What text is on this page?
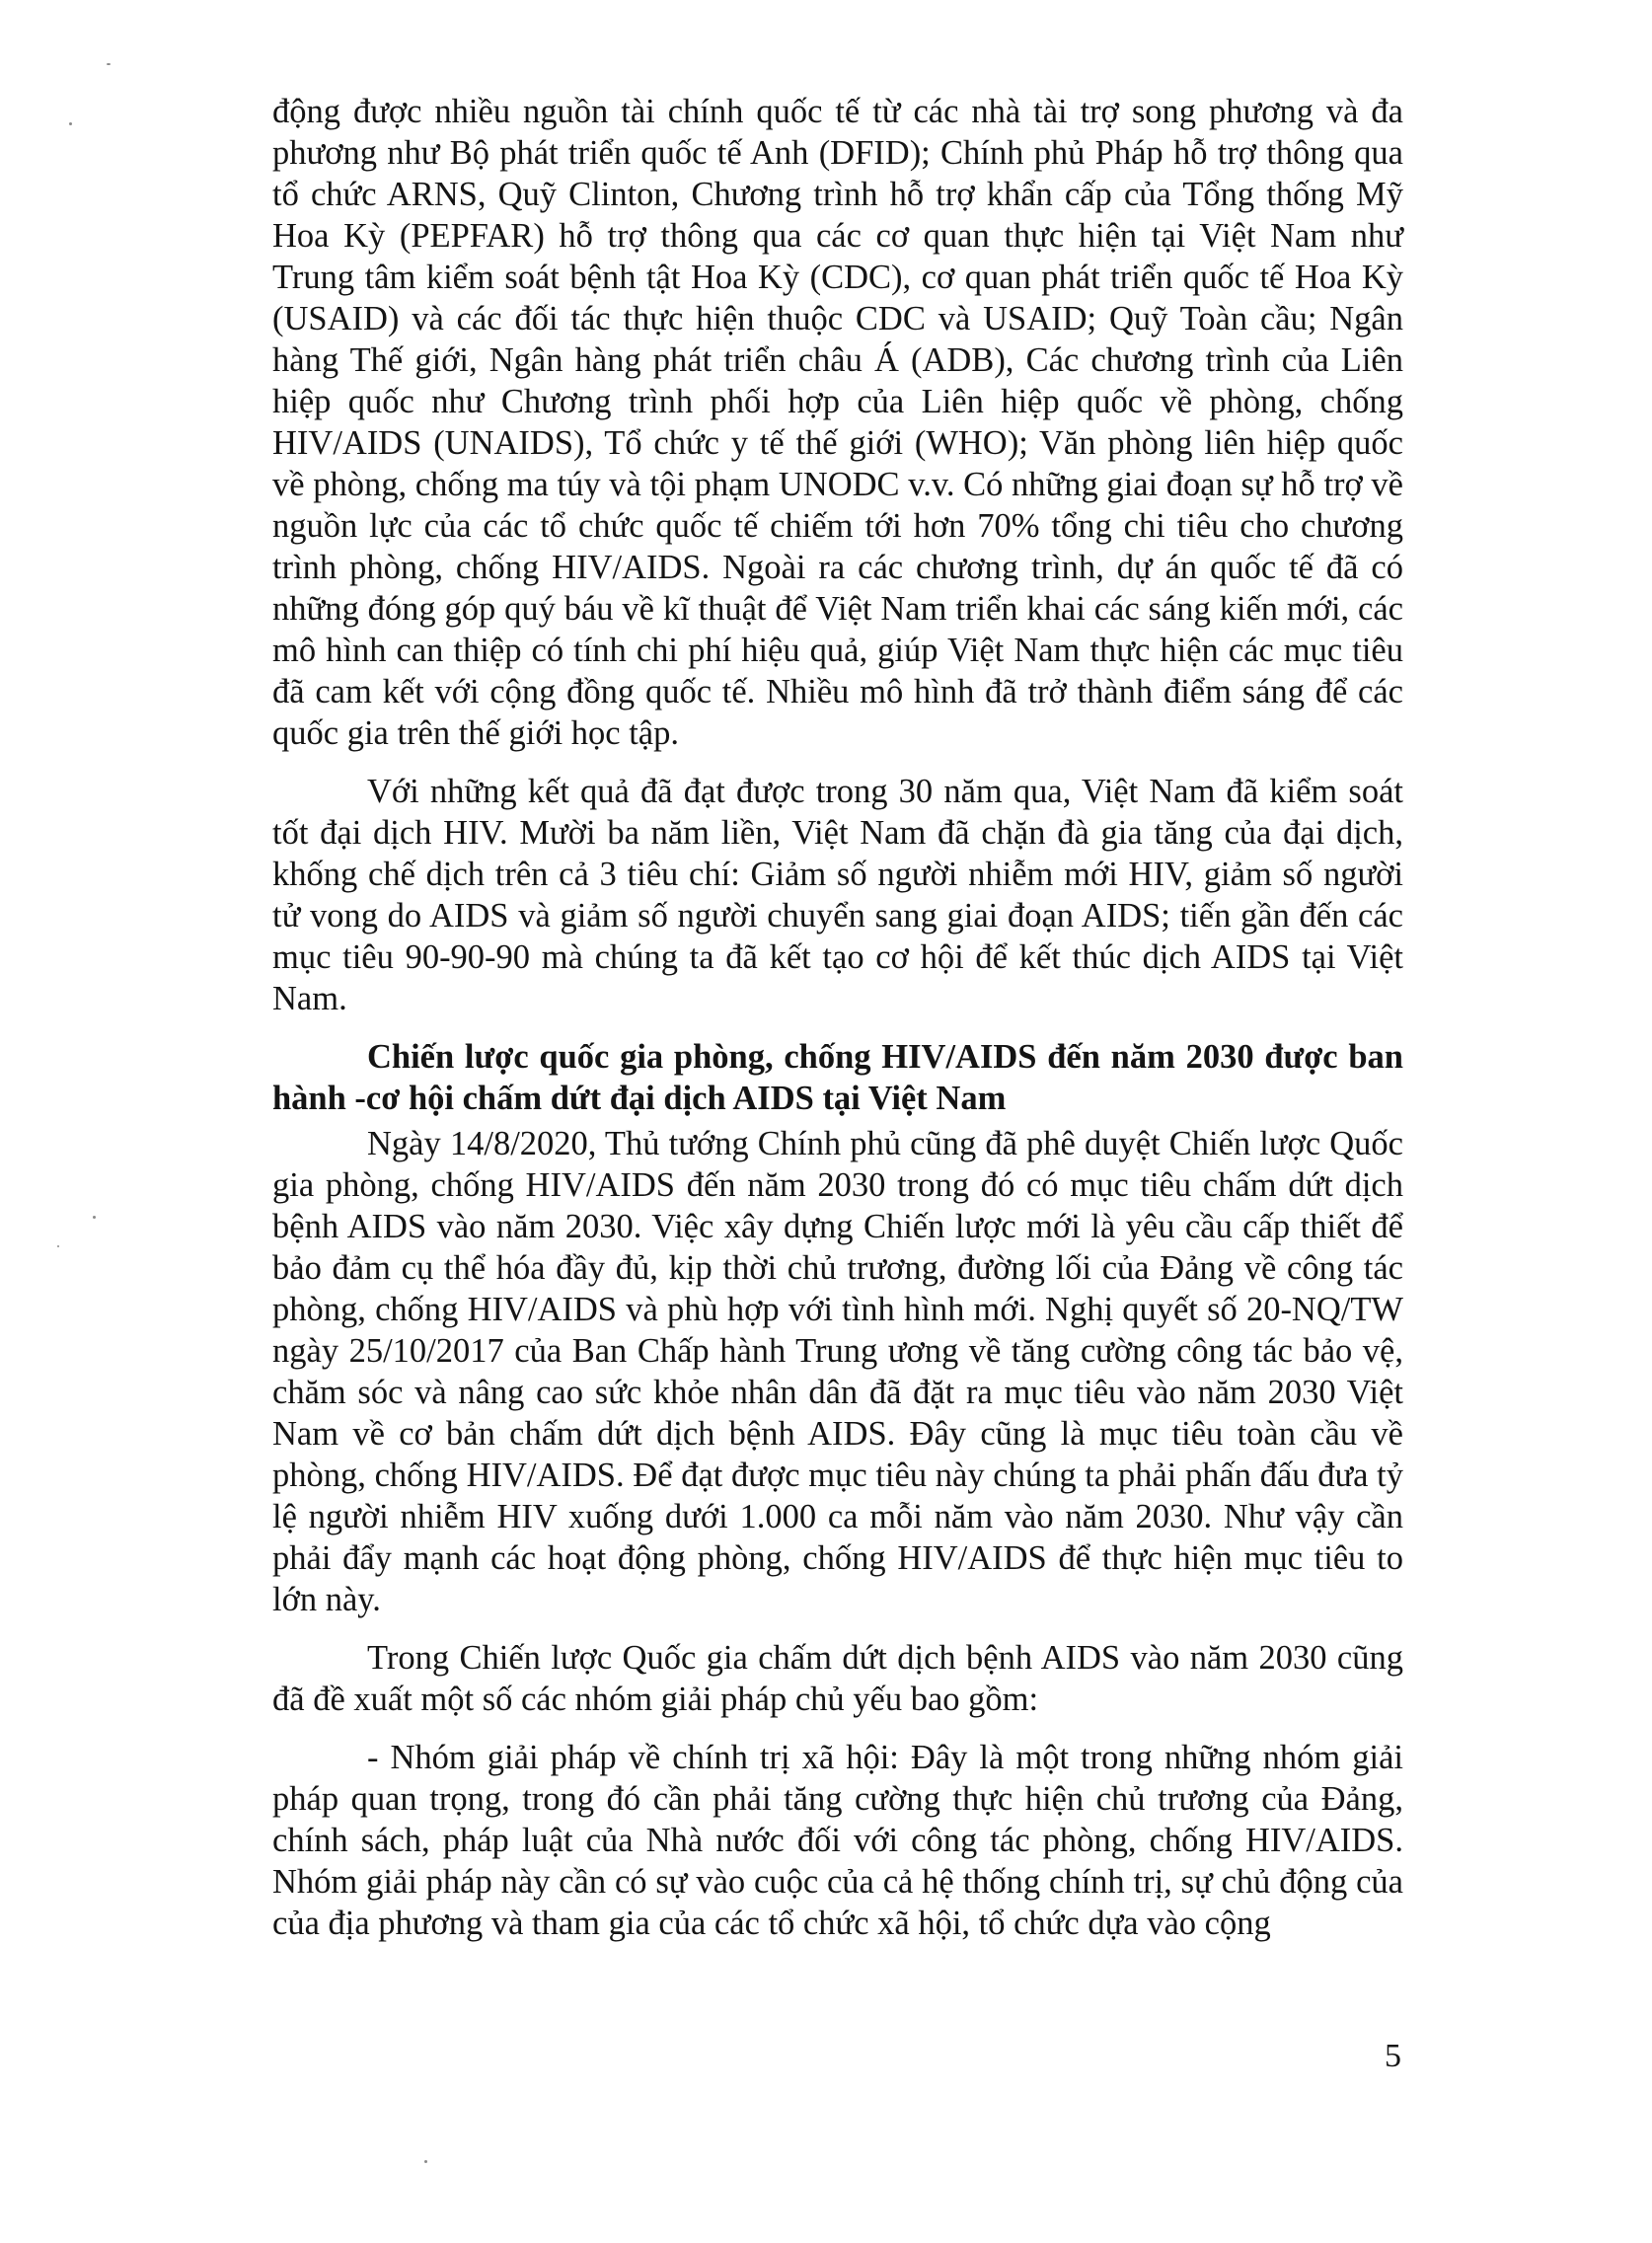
động được nhiều nguồn tài chính quốc tế từ các nhà tài trợ song phương và đa phương như Bộ phát triển quốc tế Anh (DFID); Chính phủ Pháp hỗ trợ thông qua tổ chức ARNS, Quỹ Clinton, Chương trình hỗ trợ khẩn cấp của Tổng thống Mỹ Hoa Kỳ (PEPFAR) hỗ trợ thông qua các cơ quan thực hiện tại Việt Nam như Trung tâm kiểm soát bệnh tật Hoa Kỳ (CDC), cơ quan phát triển quốc tế Hoa Kỳ (USAID) và các đối tác thực hiện thuộc CDC và USAID; Quỹ Toàn cầu; Ngân hàng Thế giới, Ngân hàng phát triển châu Á (ADB), Các chương trình của Liên hiệp quốc như Chương trình phối hợp của Liên hiệp quốc về phòng, chống HIV/AIDS (UNAIDS), Tổ chức y tế thế giới (WHO); Văn phòng liên hiệp quốc về phòng, chống ma túy và tội phạm UNODC v.v. Có những giai đoạn sự hỗ trợ về nguồn lực của các tổ chức quốc tế chiếm tới hơn 70% tổng chi tiêu cho chương trình phòng, chống HIV/AIDS. Ngoài ra các chương trình, dự án quốc tế đã có những đóng góp quý báu về kĩ thuật để Việt Nam triển khai các sáng kiến mới, các mô hình can thiệp có tính chi phí hiệu quả, giúp Việt Nam thực hiện các mục tiêu đã cam kết với cộng đồng quốc tế. Nhiều mô hình đã trở thành điểm sáng để các quốc gia trên thế giới học tập.

Với những kết quả đã đạt được trong 30 năm qua, Việt Nam đã kiểm soát tốt đại dịch HIV. Mười ba năm liền, Việt Nam đã chặn đà gia tăng của đại dịch, khống chế dịch trên cả 3 tiêu chí: Giảm số người nhiễm mới HIV, giảm số người tử vong do AIDS và giảm số người chuyển sang giai đoạn AIDS; tiến gần đến các mục tiêu 90-90-90 mà chúng ta đã kết tạo cơ hội để kết thúc dịch AIDS tại Việt Nam.

Chiến lược quốc gia phòng, chống HIV/AIDS đến năm 2030 được ban hành -cơ hội chấm dứt đại dịch AIDS tại Việt Nam

Ngày 14/8/2020, Thủ tướng Chính phủ cũng đã phê duyệt Chiến lược Quốc gia phòng, chống HIV/AIDS đến năm 2030 trong đó có mục tiêu chấm dứt dịch bệnh AIDS vào năm 2030. Việc xây dựng Chiến lược mới là yêu cầu cấp thiết để bảo đảm cụ thể hóa đầy đủ, kịp thời chủ trương, đường lối của Đảng về công tác phòng, chống HIV/AIDS và phù hợp với tình hình mới. Nghị quyết số 20-NQ/TW ngày 25/10/2017 của Ban Chấp hành Trung ương về tăng cường công tác bảo vệ, chăm sóc và nâng cao sức khỏe nhân dân đã đặt ra mục tiêu vào năm 2030 Việt Nam về cơ bản chấm dứt dịch bệnh AIDS. Đây cũng là mục tiêu toàn cầu về phòng, chống HIV/AIDS. Để đạt được mục tiêu này chúng ta phải phấn đấu đưa tỷ lệ người nhiễm HIV xuống dưới 1.000 ca mỗi năm vào năm 2030. Như vậy cần phải đẩy mạnh các hoạt động phòng, chống HIV/AIDS để thực hiện mục tiêu to lớn này.

Trong Chiến lược Quốc gia chấm dứt dịch bệnh AIDS vào năm 2030 cũng đã đề xuất một số các nhóm giải pháp chủ yếu bao gồm:

- Nhóm giải pháp về chính trị xã hội: Đây là một trong những nhóm giải pháp quan trọng, trong đó cần phải tăng cường thực hiện chủ trương của Đảng, chính sách, pháp luật của Nhà nước đối với công tác phòng, chống HIV/AIDS. Nhóm giải pháp này cần có sự vào cuộc của cả hệ thống chính trị, sự chủ động của của địa phương và tham gia của các tổ chức xã hội, tổ chức dựa vào cộng

5
